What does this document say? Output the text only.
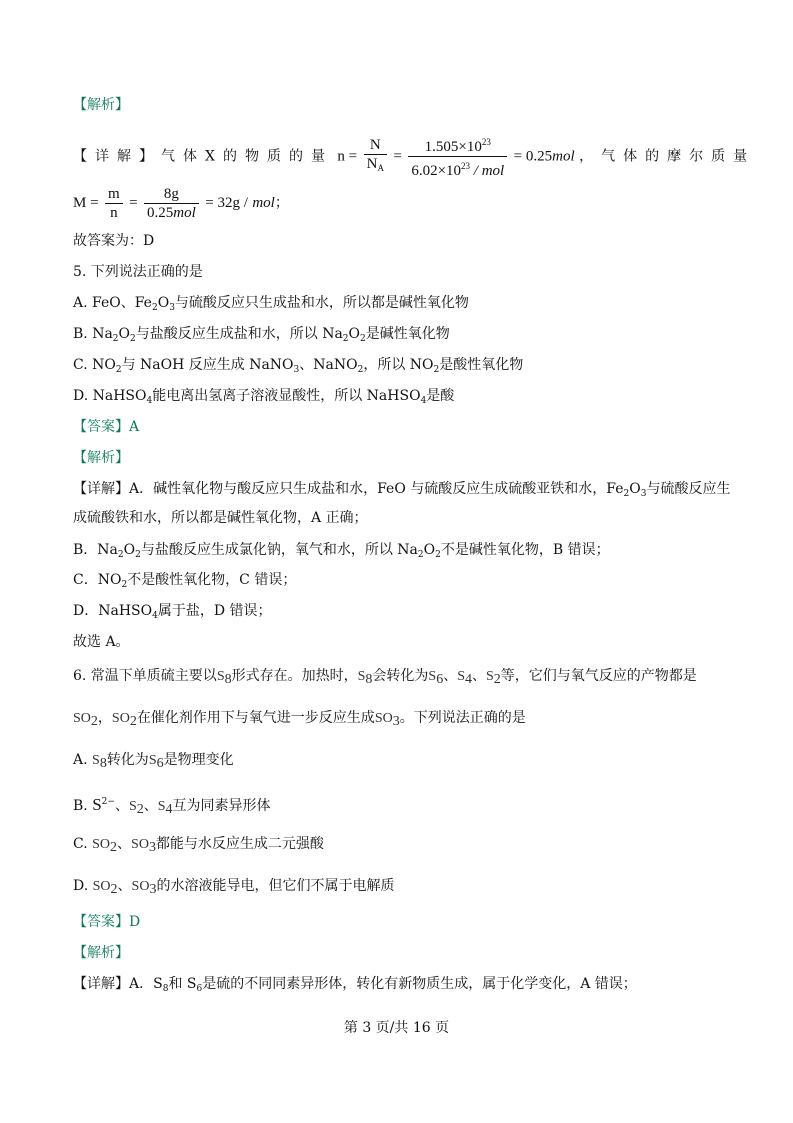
【解析】
【详解】气体X的物质的量 $n = \frac{N}{N_A} = \frac{1.505\times 10^{23}}{6.02\times 10^{23} / mol} = 0.25mol$ ，气体的摩尔质量
$M = \frac{m}{n} = \frac{8g}{\text{0.25mol}} = 32g$ / mol；
故答案为：D
5. 下列说法正确的是
A. FeO、$Fe_2O_3$与硫酸反应只生成盐和水，所以都是碱性氧化物
B. $Na_2O_2$与盐酸反应生成盐和水，所以 $Na_2O_2$是碱性氧化物
C. $NO_2$与 NaOH 反应生成 NaNO$_3$、NaNO$_2$，所以 $NO_2$是酸性氧化物
D. NaHSO$_4$能电离出氢离子溶液显酸性，所以 NaHSO$_4$是酸
【答案】A
【解析】
【详解】A．碱性氧化物与酸反应只生成盐和水，FeO 与硫酸反应生成硫酸亚铁和水，$Fe_2O_3$与硫酸反应生
成硫酸铁和水，所以都是碱性氧化物，A 正确；
B．$Na_2O_2$与盐酸反应生成氯化钠，氧气和水，所以 $Na_2O_2$不是碱性氧化物，B 错误；
C．$NO_2$不是酸性氧化物，C 错误；
D．NaHSO$_4$属于盐，D 错误；
故选 A。
6. 常温下单质硫主要以$S_8$形式存在。加热时，$S_8$会转化为$S_6$、$S_4$、$S_2$等，它们与氧气反应的产物都是
$SO_2$，$SO_2$在催化剂作用下与氧气进一步反应生成$SO_3$。下列说法正确的是
A. $S_8$转化为$S_6$是物理变化
B. $S^{2-}$、$S_2$、$S_4$互为同素异形体
C. $SO_2$、$SO_3$都能与水反应生成二元强酸
D. $SO_2$、$SO_3$的水溶液能导电，但它们不属于电解质
【答案】D
【解析】
【详解】A．$S_8$和 $S_6$是硫的不同同素异形体，转化有新物质生成，属于化学变化，A 错误；
第 3 页/共 16 页
